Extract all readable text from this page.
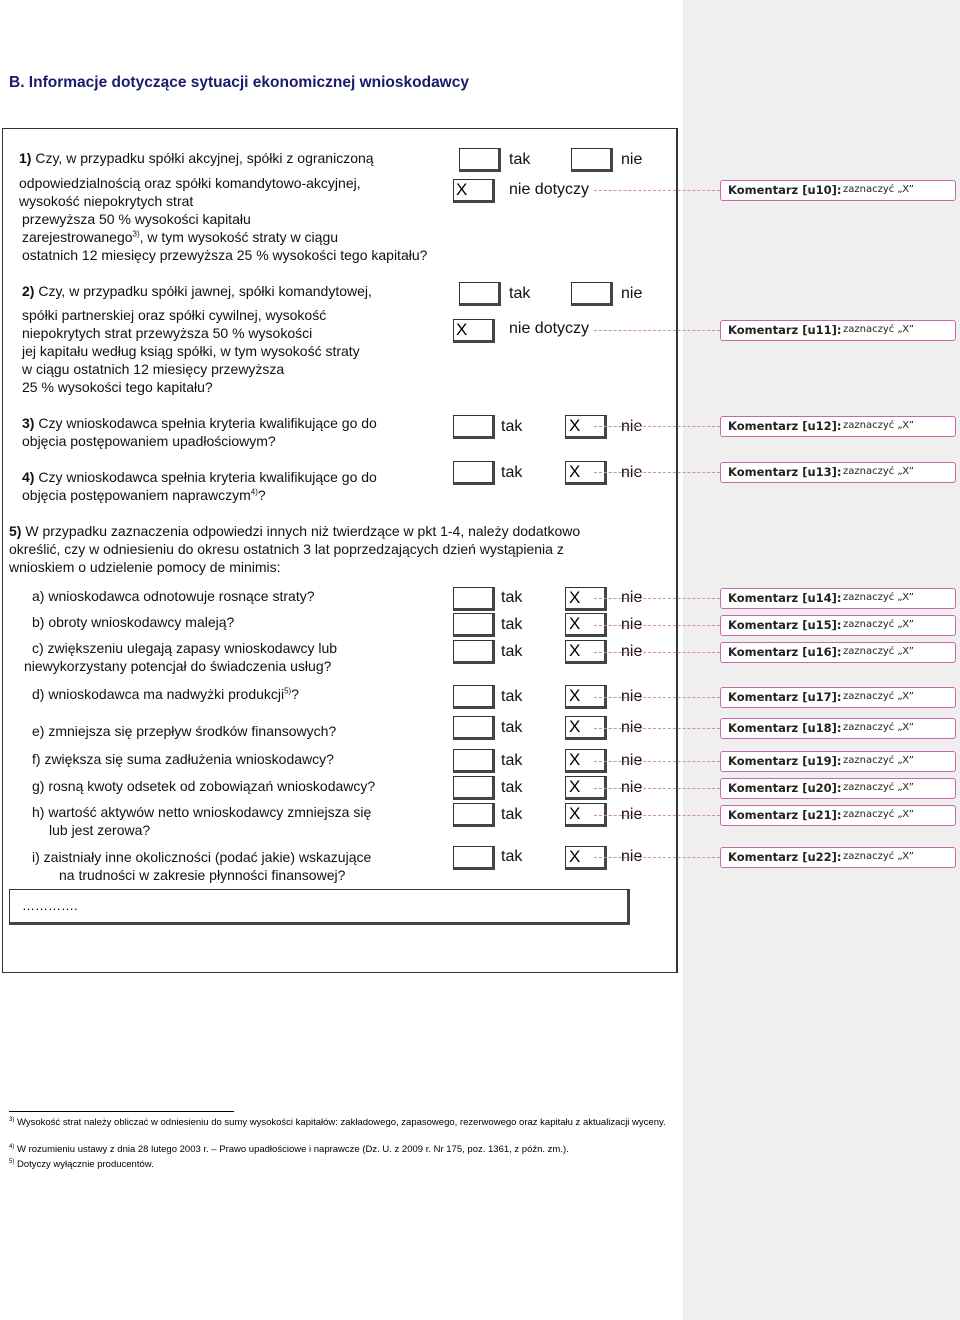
B. Informacje dotyczące sytuacji ekonomicznej wnioskodawcy
1) Czy, w przypadku spółki akcyjnej, spółki z ograniczoną
odpowiedzialnością oraz spółki komandytowo-akcyjnej,
wysokość niepokrytych strat
przewyższa 50 % wysokości kapitału
zarejestrowanego$^{3)}$, w tym wysokość straty w ciągu
ostatnich 12 miesięcy przewyższa 25 % wysokości tego kapitału?
tak	nie
X	nie dotyczy	Komentarz [u10]: zaznaczyć „X”
2) Czy, w przypadku spółki jawnej, spółki komandytowej,
spółki partnerskiej oraz spółki cywilnej, wysokość
niepokrytych strat przewyższa 50 % wysokości
jej kapitału według ksiąg spółki, w tym wysokość straty
w ciągu ostatnich 12 miesięcy przewyższa
25 % wysokości tego kapitału?
tak	nie
X	nie dotyczy	Komentarz [u11]: zaznaczyć „X”
3) Czy wnioskodawca spełnia kryteria kwalifikujące go do
objęcia postępowaniem upadłościowym?
tak	X	nie	Komentarz [u12]: zaznaczyć „X”
4) Czy wnioskodawca spełnia kryteria kwalifikujące go do
objęcia postępowaniem naprawczym$^{4)}$?
tak	X	nie	Komentarz [u13]: zaznaczyć „X”
5) W przypadku zaznaczenia odpowiedzi innych niż twierdzące w pkt 1-4, należy dodatkowo
określić, czy w odniesieniu do okresu ostatnich 3 lat poprzedzających dzień wystąpienia z
wnioskiem o udzielenie pomocy de minimis:
a) wnioskodawca odnotowuje rosnące straty?	tak	X	nie	Komentarz [u14]: zaznaczyć „X”
b) obroty wnioskodawcy maleją?	tak	X	nie	Komentarz [u15]: zaznaczyć „X”
c) zwiększeniu ulegają zapasy wnioskodawcy lub
niewykorzystany potencjał do świadczenia usług?
tak	X	nie	Komentarz [u16]: zaznaczyć „X”
d) wnioskodawca ma nadwyżki produkcji$^{5)}$?	tak	X	nie	Komentarz [u17]: zaznaczyć „X”
e) zmniejsza się przepływ środków finansowych?	tak	X	nie	Komentarz [u18]: zaznaczyć „X”
f) zwiększa się suma zadłużenia wnioskodawcy?	tak	X	nie	Komentarz [u19]: zaznaczyć „X”
g) rosną kwoty odsetek od zobowiązań wnioskodawcy?	tak	X	nie	Komentarz [u20]: zaznaczyć „X”
h) wartość aktywów netto wnioskodawcy zmniejsza się
lub jest zerowa?
tak	X	nie	Komentarz [u21]: zaznaczyć „X”
i) zaistniały inne okoliczności (podać jakie) wskazujące
na trudności w zakresie płynności finansowej?
tak	X	nie	Komentarz [u22]: zaznaczyć „X”
………….
$^{3)}$ Wysokość strat należy obliczać w odniesieniu do sumy wysokości kapitałów: zakładowego, zapasowego, rezerwowego oraz kapitału z aktualizacji wyceny.
$^{4)}$ W rozumieniu ustawy z dnia 28 lutego 2003 r. – Prawo upadłościowe i naprawcze (Dz. U. z 2009 r. Nr 175, poz. 1361, z późn. zm.).
$^{5)}$ Dotyczy wyłącznie producentów.
